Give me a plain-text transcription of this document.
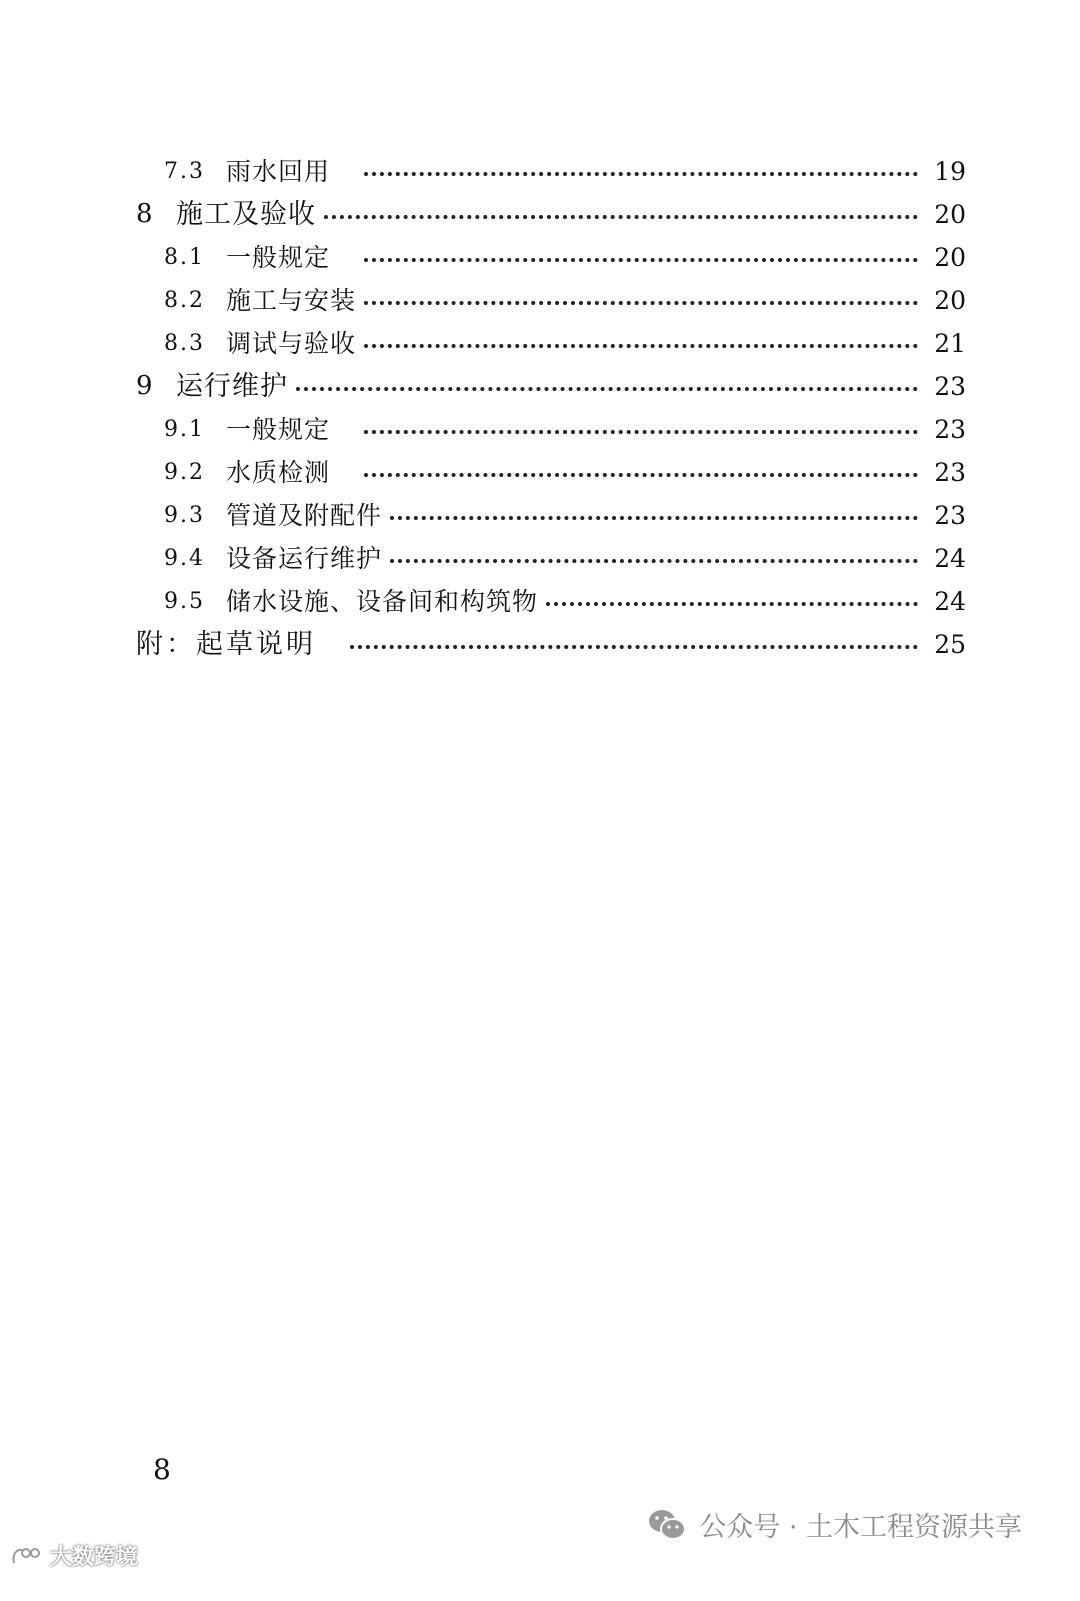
7.3 雨水回用	19
8 施工及验收	20
8.1 一般规定	20
8.2 施工与安装	20
8.3 调试与验收	21
9 运行维护	23
9.1 一般规定	23
9.2 水质检测	23
9.3 管道及附配件	23
9.4 设备运行维护	24
9.5 储水设施、设备间和构筑物	24
附：起草说明	25
8
公众号 · 土木工程资源共享
大数跨境
